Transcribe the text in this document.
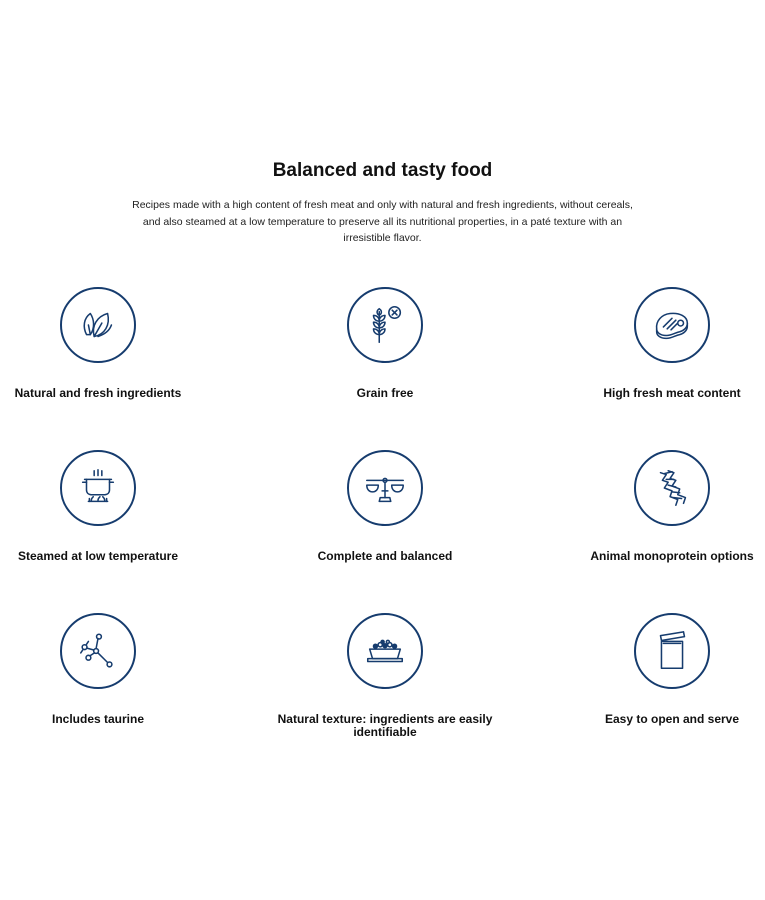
Balanced and tasty food

Recipes made with a high content of fresh meat and only with natural and fresh ingredients, without cereals, and also steamed at a low temperature to preserve all its nutritional properties, in a paté texture with an irresistible flavor.

Natural and fresh ingredients	Grain free	High fresh meat content
Steamed at low temperature	Complete and balanced	Animal monoprotein options
Includes taurine	Natural texture: ingredients are easily identifiable
Easy to open and serve
